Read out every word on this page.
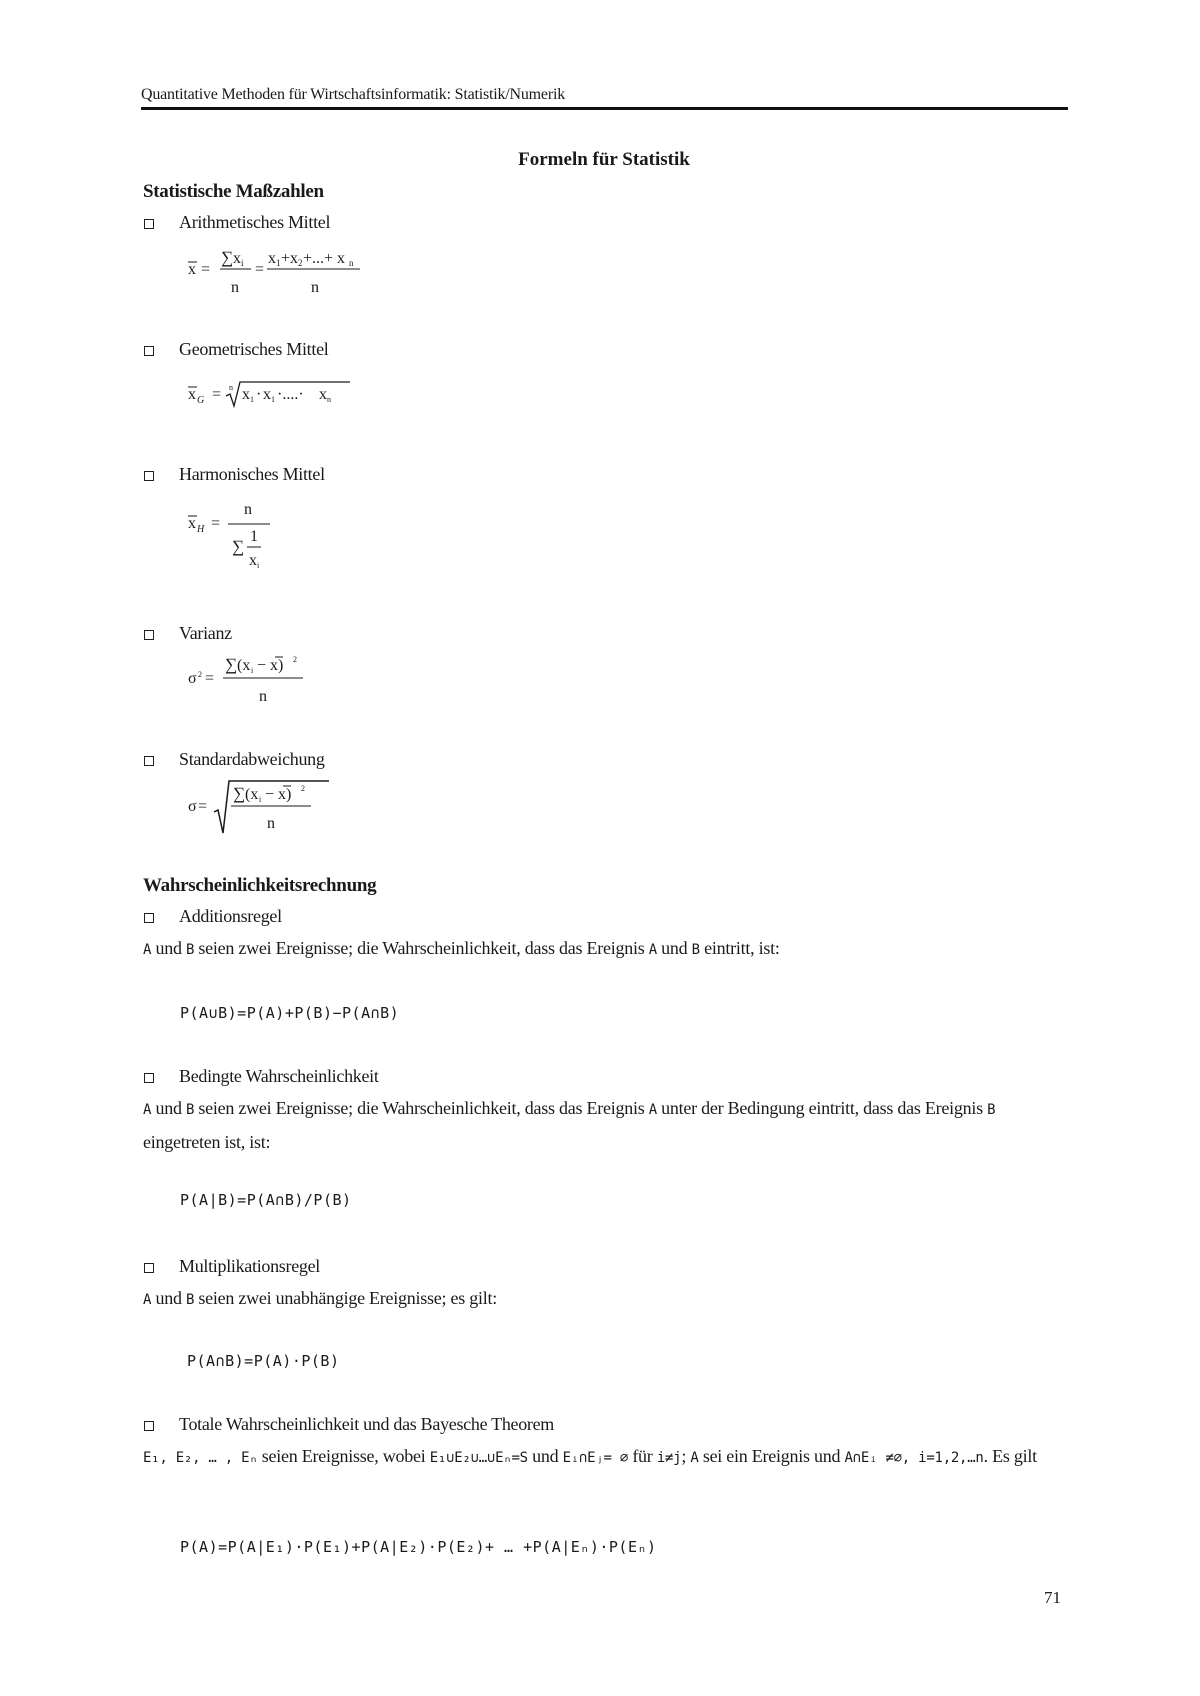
Quantitative Methoden für Wirtschaftsinformatik: Statistik/Numerik
Formeln für Statistik
Statistische Maßzahlen
Arithmetisches Mittel
x =
∑ x i
n
=
x 1 +x 2 +...+ x n
n
Geometrisches Mittel
x G = n x 1 · x 1 ·....· x n
Harmonisches Mittel
x H =
n
∑
1
x i
Varianz
σ 2 =
∑ (x i − x) 2
n
Standardabweichung
σ =
∑ (x i − x) 2
n
Wahrscheinlichkeitsrechnung
Additionsregel
A und B seien zwei Ereignisse; die Wahrscheinlichkeit, dass das Ereignis A und B eintritt, ist:
P(A∪B)=P(A)+P(B)−P(A∩B)
Bedingte Wahrscheinlichkeit
A und B seien zwei Ereignisse; die Wahrscheinlichkeit, dass das Ereignis A unter der Bedingung eintritt, dass das Ereignis B eingetreten ist, ist:
P(A|B)=P(A∩B)/P(B)
Multiplikationsregel
A und B seien zwei unabhängige Ereignisse; es gilt:
P(A∩B)=P(A)·P(B)
Totale Wahrscheinlichkeit und das Bayesche Theorem
E₁, E₂, … , Eₙ seien Ereignisse, wobei E₁∪E₂∪…∪Eₙ=S und Eᵢ∩Eⱼ= ∅ für i≠j; A sei ein Ereignis und A∩Eᵢ ≠∅, i=1,2,…n. Es gilt
P(A)=P(A|E₁)·P(E₁)+P(A|E₂)·P(E₂)+ … +P(A|Eₙ)·P(Eₙ)
71
